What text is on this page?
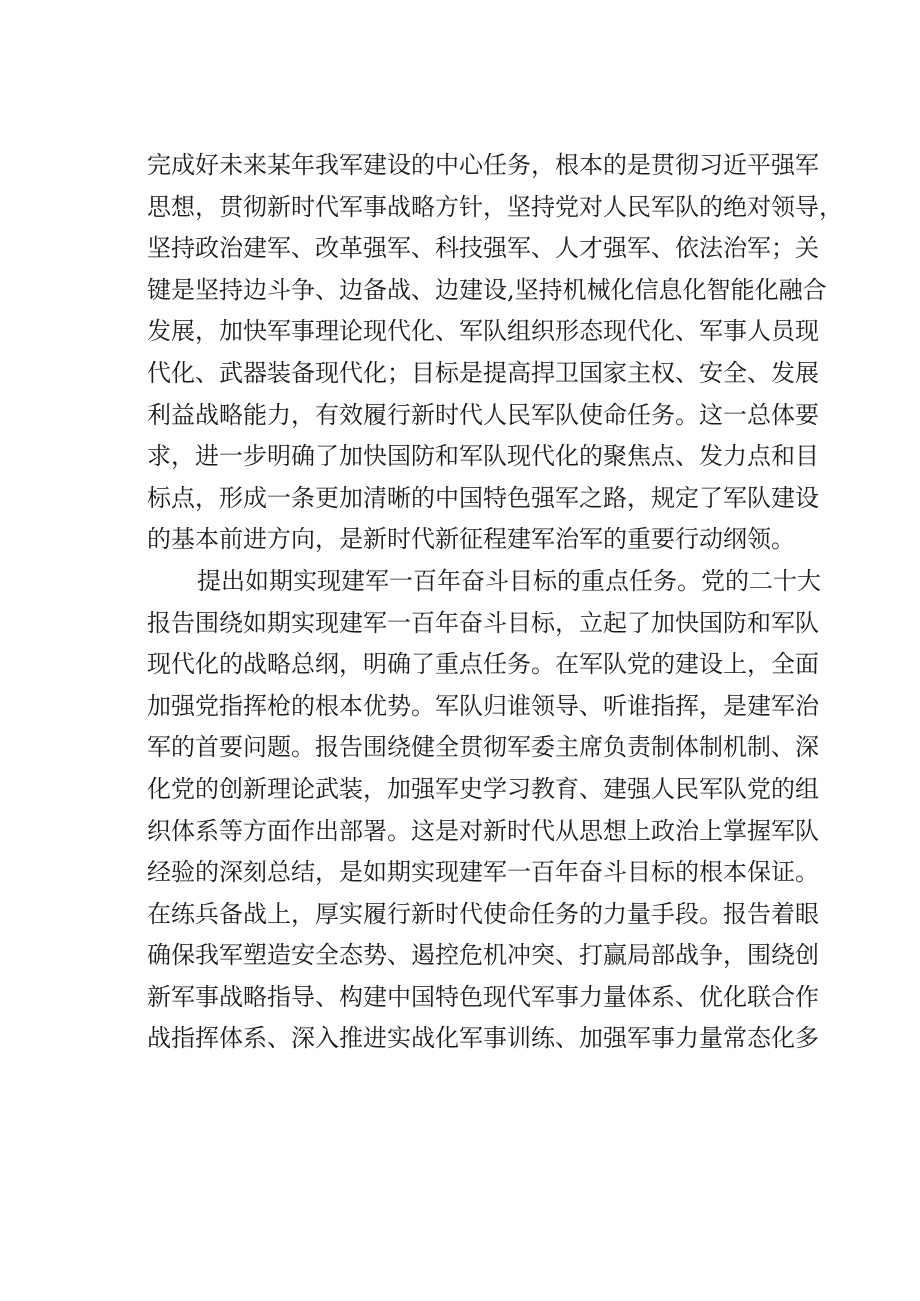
完成好未来某年我军建设的中心任务，根本的是贯彻习近平强军
思想，贯彻新时代军事战略方针，坚持党对人民军队的绝对领导，
坚持政治建军、改革强军、科技强军、人才强军、依法治军；关
键是坚持边斗争、边备战、边建设,坚持机械化信息化智能化融合
发展，加快军事理论现代化、军队组织形态现代化、军事人员现
代化、武器装备现代化；目标是提高捍卫国家主权、安全、发展
利益战略能力，有效履行新时代人民军队使命任务。这一总体要
求，进一步明确了加快国防和军队现代化的聚焦点、发力点和目
标点，形成一条更加清晰的中国特色强军之路，规定了军队建设
的基本前进方向，是新时代新征程建军治军的重要行动纲领。
提出如期实现建军一百年奋斗目标的重点任务。党的二十大
报告围绕如期实现建军一百年奋斗目标，立起了加快国防和军队
现代化的战略总纲，明确了重点任务。在军队党的建设上，全面
加强党指挥枪的根本优势。军队归谁领导、听谁指挥，是建军治
军的首要问题。报告围绕健全贯彻军委主席负责制体制机制、深
化党的创新理论武装，加强军史学习教育、建强人民军队党的组
织体系等方面作出部署。这是对新时代从思想上政治上掌握军队
经验的深刻总结，是如期实现建军一百年奋斗目标的根本保证。
在练兵备战上，厚实履行新时代使命任务的力量手段。报告着眼
确保我军塑造安全态势、遏控危机冲突、打赢局部战争，围绕创
新军事战略指导、构建中国特色现代军事力量体系、优化联合作
战指挥体系、深入推进实战化军事训练、加强军事力量常态化多
